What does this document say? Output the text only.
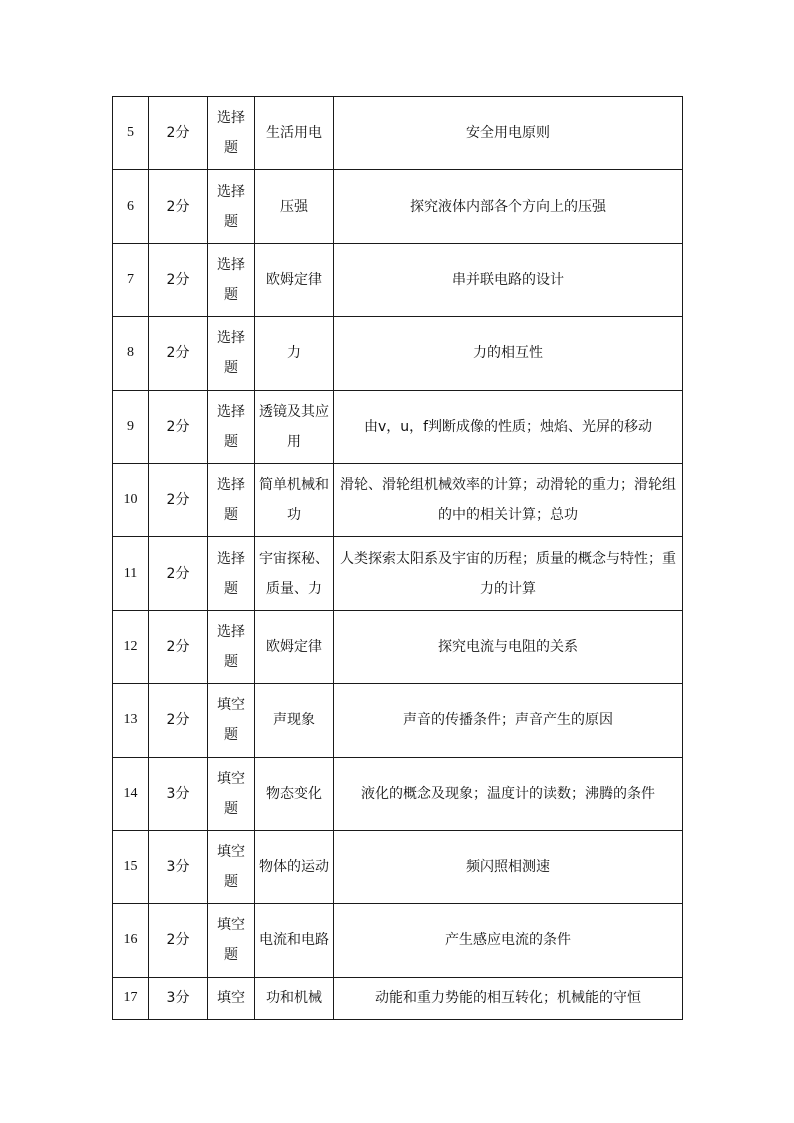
5	2分	选择题	生活用电	安全用电原则
6	2分	选择题	压强	探究液体内部各个方向上的压强
7	2分	选择题	欧姆定律	串并联电路的设计
8	2分	选择题	力	力的相互性
9	2分	选择题	透镜及其应用	由v，u，f判断成像的性质；烛焰、光屏的移动
10	2分	选择题	简单机械和功	滑轮、滑轮组机械效率的计算；动滑轮的重力；滑轮组的中的相关计算；总功
11	2分	选择题	宇宙探秘、质量、力	人类探索太阳系及宇宙的历程；质量的概念与特性；重力的计算
12	2分	选择题	欧姆定律	探究电流与电阻的关系
13	2分	填空题	声现象	声音的传播条件；声音产生的原因
14	3分	填空题	物态变化	液化的概念及现象；温度计的读数；沸腾的条件
15	3分	填空题	物体的运动	频闪照相测速
16	2分	填空题	电流和电路	产生感应电流的条件
17	3分	填空	功和机械	动能和重力势能的相互转化；机械能的守恒
